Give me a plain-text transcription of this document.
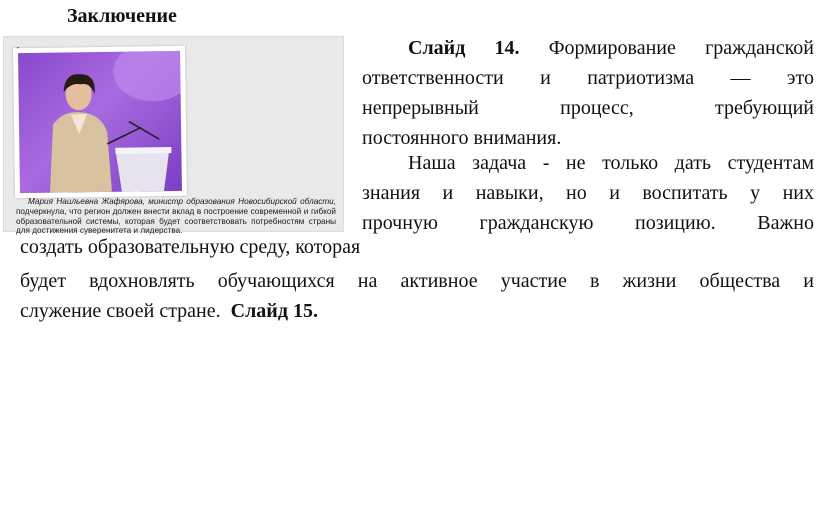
Заключение
Мария Наильевна Жафярова, министр образования Новосибирской области, подчеркнула, что регион должен внести вклад в построение современной и гибкой образовательной системы, которая будет соответствовать потребностям страны для достижения суверенитета и лидерства.
Слайд 14. Формирование гражданской
ответственности и патриотизма — это
непрерывный процесс, требующий
постоянного внимания.
Наша задача - не только дать студентам
знания и навыки, но и воспитать у них
прочную гражданскую позицию. Важно
создать образовательную среду, которая
будет вдохновлять обучающихся на активное участие в жизни общества и
служение своей стране. Слайд 15.
